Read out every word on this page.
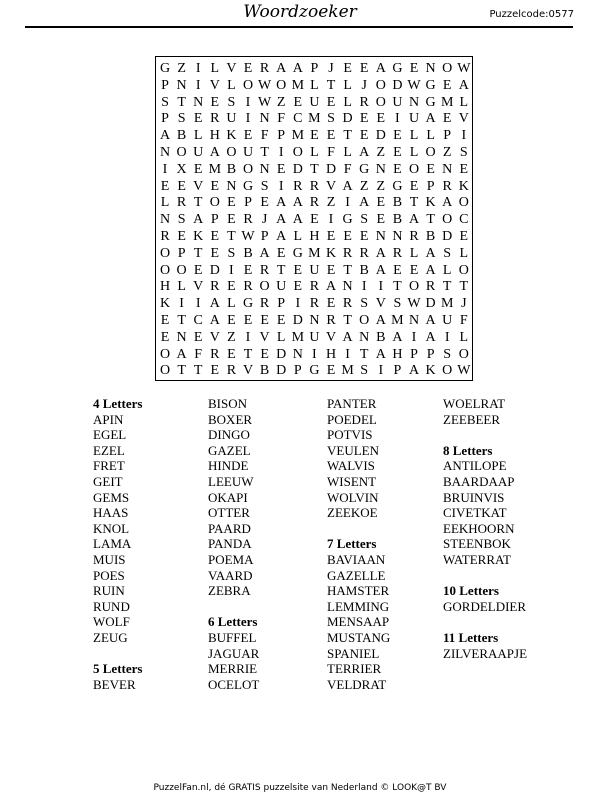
Woordzoeker	Puzzelcode:0577
G Z I L V E R A A P J E E A G E N O W
P N I V L O W O M L T L J O D W G E A
S T N E S I W Z E U E L R O U N G M L
P S E R U I N F C M S D E E I U A E V
A B L H K E F P M E E T E D E L L P I
N O U A O U T I O L F L A Z E L O Z S
I X E M B O N E D T D F G N E O E N E
E E V E N G S I R R V A Z Z G E P R K
L R T O E P E A A R Z I A E B T K A O
N S A P E R J A A E I G S E B A T O C
R E K E T W P A L H E E E N N R B D E
O P T E S B A E G M K R R A R L A S L
O O E D I E R T E U E T B A E E A L O
H L V R E R O U E R A N I I T O R T T
K I I A L G R P I R E R S V S W D M J
E T C A E E E E D N R T O A M N A U F
E N E V Z I V L M U V A N B A I A I L
O A F R E T E D N I H I T A H P P S O
O T T E R V B D P G E M S I P A K O W
4 Letters
APIN
EGEL
EZEL
FRET
GEIT
GEMS
HAAS
KNOL
LAMA
MUIS
POES
RUIN
RUND
WOLF
ZEUG
5 Letters
BEVER
BISON
BOXER
DINGO
GAZEL
HINDE
LEEUW
OKAPI
OTTER
PAARD
PANDA
POEMA
VAARD
ZEBRA
6 Letters
BUFFEL
JAGUAR
MERRIE
OCELOT
PANTER
POEDEL
POTVIS
VEULEN
WALVIS
WISENT
WOLVIN
ZEEKOE
7 Letters
BAVIAAN
GAZELLE
HAMSTER
LEMMING
MENSAAP
MUSTANG
SPANIEL
TERRIER
VELDRAT
WOELRAT
ZEEBEER
8 Letters
ANTILOPE
BAARDAAP
BRUINVIS
CIVETKAT
EEKHOORN
STEENBOK
WATERRAT
10 Letters
GORDELDIER
11 Letters
ZILVERAAPJE
PuzzelFan.nl, dé GRATIS puzzelsite van Nederland © LOOK@T BV
